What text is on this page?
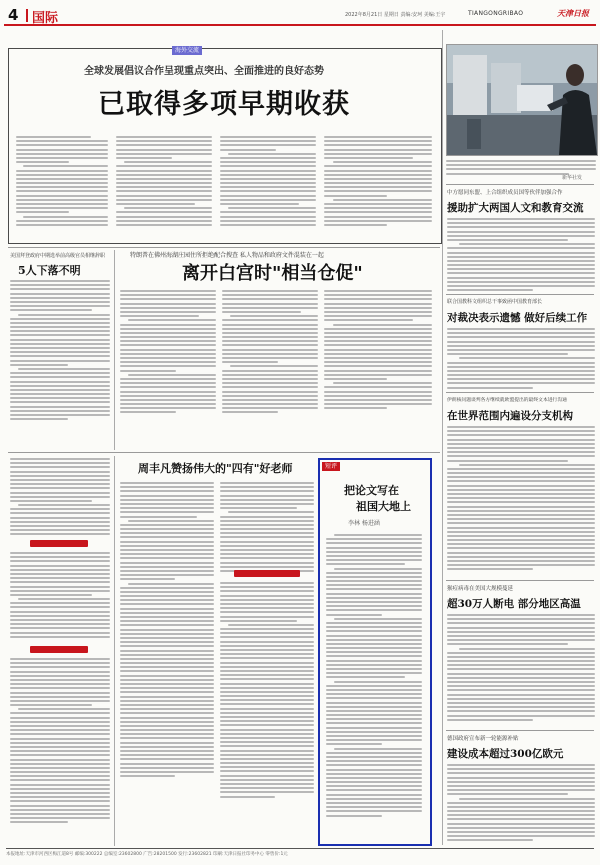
4 国际	2022年8月21日 星期日 责编:安珂 美编:王宇	TIANGONGRIBAO	天津日报
海外交流
全球发展倡议合作呈现重点突出、全面推进的良好态势
已取得多项早期收获
新华社发
中方愿同东盟、上合组织成员国等伙伴加强合作
援助扩大两国人文和教育交流
联合国教科文组织总干事致函中国教育部长
对裁决表示遗憾 做好后续工作
伊朗核问题谈判各方继续就欧盟提出的最终文本进行沟通
在世界范围内遍设分支机构
猴痘病毒在美国大规模蔓延
超30万人断电 部分地区高温
德国政府宣布新一轮能源补贴
建设成本超过300亿欧元
美国拜登政府中期选举前高级官员相继辞职
5人下落不明
特朗普在佛州海湖庄园住所拒绝配合搜查 私人物品和政府文件混装在一起
离开白宫时"相当仓促"
周丰凡赞扬伟大的"四有"好老师	短评
把论文写在
祖国大地上
李林 杨进涵
本报地址:天津市河西区梅江道8号 邮编:300222 总编室:23602800 广告:28201500 发行:23602821 印刷:天津日报社印务中心 零售价:1元
